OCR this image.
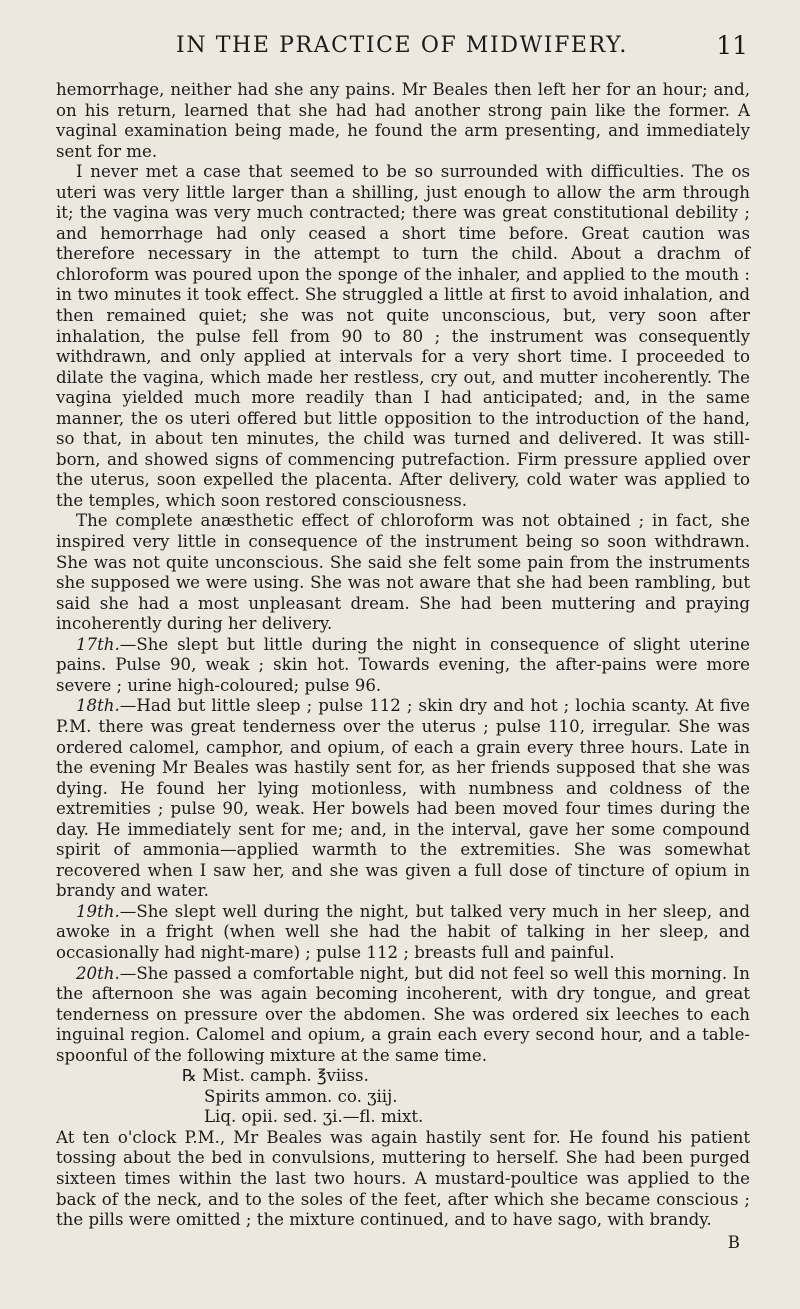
IN THE PRACTICE OF MIDWIFERY.	11

hemorrhage, neither had she any pains. Mr Beales then left her for an hour; and, on his return, learned that she had had another strong pain like the former. A vaginal examination being made, he found the arm presenting, and immediately sent for me.

I never met a case that seemed to be so surrounded with difficulties. The os uteri was very little larger than a shilling, just enough to allow the arm through it; the vagina was very much contracted; there was great constitutional debility ; and hemorrhage had only ceased a short time before. Great caution was therefore necessary in the attempt to turn the child. About a drachm of chloroform was poured upon the sponge of the inhaler, and applied to the mouth : in two minutes it took effect. She struggled a little at first to avoid inhalation, and then remained quiet; she was not quite unconscious, but, very soon after inhalation, the pulse fell from 90 to 80 ; the instrument was consequently withdrawn, and only applied at intervals for a very short time. I proceeded to dilate the vagina, which made her restless, cry out, and mutter incoherently. The vagina yielded much more readily than I had anticipated; and, in the same manner, the os uteri offered but little opposition to the introduction of the hand, so that, in about ten minutes, the child was turned and delivered. It was still-born, and showed signs of commencing putrefaction. Firm pressure applied over the uterus, soon expelled the placenta. After delivery, cold water was applied to the temples, which soon restored consciousness.

The complete anæsthetic effect of chloroform was not obtained ; in fact, she inspired very little in consequence of the instrument being so soon withdrawn. She was not quite unconscious. She said she felt some pain from the instruments she supposed we were using. She was not aware that she had been rambling, but said she had a most unpleasant dream. She had been muttering and praying incoherently during her delivery.

17th.—She slept but little during the night in consequence of slight uterine pains. Pulse 90, weak ; skin hot. Towards evening, the after-pains were more severe ; urine high-coloured; pulse 96.

18th.—Had but little sleep ; pulse 112 ; skin dry and hot ; lochia scanty. At five P.M. there was great tenderness over the uterus ; pulse 110, irregular. She was ordered calomel, camphor, and opium, of each a grain every three hours. Late in the evening Mr Beales was hastily sent for, as her friends supposed that she was dying. He found her lying motionless, with numbness and coldness of the extremities ; pulse 90, weak. Her bowels had been moved four times during the day. He immediately sent for me; and, in the interval, gave her some compound spirit of ammonia—applied warmth to the extremities. She was somewhat recovered when I saw her, and she was given a full dose of tincture of opium in brandy and water.

19th.—She slept well during the night, but talked very much in her sleep, and awoke in a fright (when well she had the habit of talking in her sleep, and occasionally had night-mare) ; pulse 112 ; breasts full and painful.

20th.—She passed a comfortable night, but did not feel so well this morning. In the afternoon she was again becoming incoherent, with dry tongue, and great tenderness on pressure over the abdomen. She was ordered six leeches to each inguinal region. Calomel and opium, a grain each every second hour, and a table-spoonful of the following mixture at the same time.

℞ Mist. camph. ℥viiss.
Spirits ammon. co. ʒiij.
Liq. opii. sed. ʒi.—fl. mixt.

At ten o'clock P.M., Mr Beales was again hastily sent for. He found his patient tossing about the bed in convulsions, muttering to herself. She had been purged sixteen times within the last two hours. A mustard-poultice was applied to the back of the neck, and to the soles of the feet, after which she became conscious ; the pills were omitted ; the mixture continued, and to have sago, with brandy.

B
